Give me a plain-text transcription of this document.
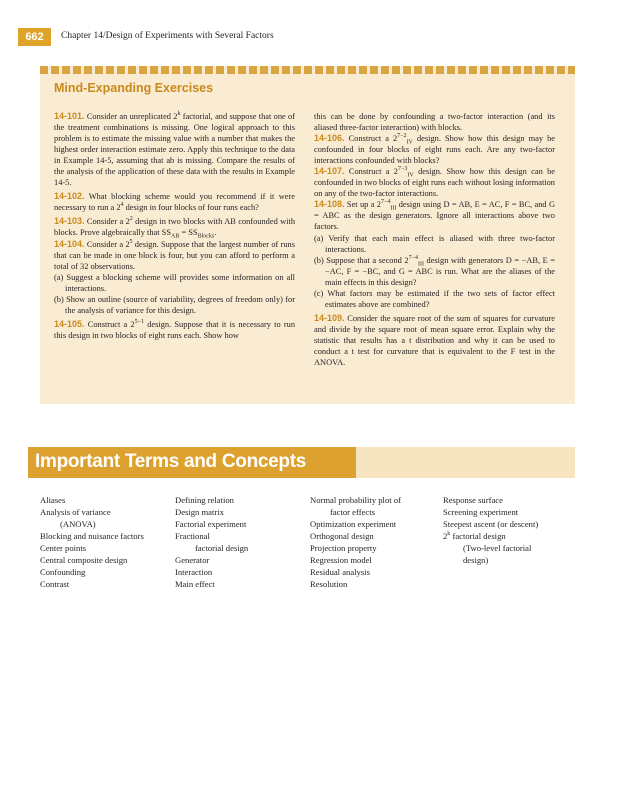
662	Chapter 14/Design of Experiments with Several Factors
Mind-Expanding Exercises

14-101. Consider an unreplicated 2$^k$ factorial, and suppose that one of the treatment combinations is missing. One logical approach to this problem is to estimate the missing value with a number that makes the highest order interaction estimate zero. Apply this technique to the data in Example 14-5, assuming that ab is missing. Compare the results of the analysis of the application of these data with the results in Example 14-5.

14-102. What blocking scheme would you recommend if it were necessary to run a $2^4$ design in four blocks of four runs each?

14-103. Consider a $2^2$ design in two blocks with AB confounded with blocks. Prove algebraically that $SS_{AB} = SS_{Blocks}$.

14-104. Consider a $2^5$ design. Suppose that the largest number of runs that can be made in one block is four, but you can afford to perform a total of 32 observations.

(a) Suggest a blocking scheme will provides some information on all interactions.

(b) Show an outline (source of variability, degrees of freedom only) for the analysis of variance for this design.

14-105. Construct a $2^{5-1}$ design. Suppose that it is necessary to run this design in two blocks of eight runs each. Show how

this can be done by confounding a two-factor interaction (and its aliased three-factor interaction) with blocks.

14-106. Construct a $2^{7-2}_{IV}$ design. Show how this design may be confounded in four blocks of eight runs each. Are any two-factor interactions confounded with blocks?

14-107. Construct a $2^{7-3}_{IV}$ design. Show how this design can be confounded in two blocks of eight runs each without losing information on any of the two-factor interactions.

14-108. Set up a $2^{7-4}_{III}$ design using D = AB, E = AC, F = BC, and G = ABC as the design generators. Ignore all interactions above two factors.

(a) Verify that each main effect is aliased with three two-factor interactions.

(b) Suppose that a second $2^{7-4}_{III}$ design with generators D = −AB, E = −AC, F = −BC, and G = ABC is run. What are the aliases of the main effects in this design?

(c) What factors may be estimated if the two sets of factor effect estimates above are combined?

14-109. Consider the square root of the sum of squares for curvature and divide by the square root of mean square error. Explain why the statistic that results has a t distribution and why it can be used to conduct a t test for curvature that is equivalent to the F test in the ANOVA.

Important Terms and Concepts
Aliases
Analysis of variance
(ANOVA)
Blocking and nuisance factors
Center points
Central composite design
Confounding
Contrast
Defining relation
Design matrix
Factorial experiment
Fractional
factorial design
Generator
Interaction
Main effect
Normal probability plot of
factor effects
Optimization experiment
Orthogonal design
Projection property
Regression model
Residual analysis
Resolution
Response surface
Screening experiment
Steepest ascent (or descent)
2$^k$ factorial design
(Two-level factorial
design)
